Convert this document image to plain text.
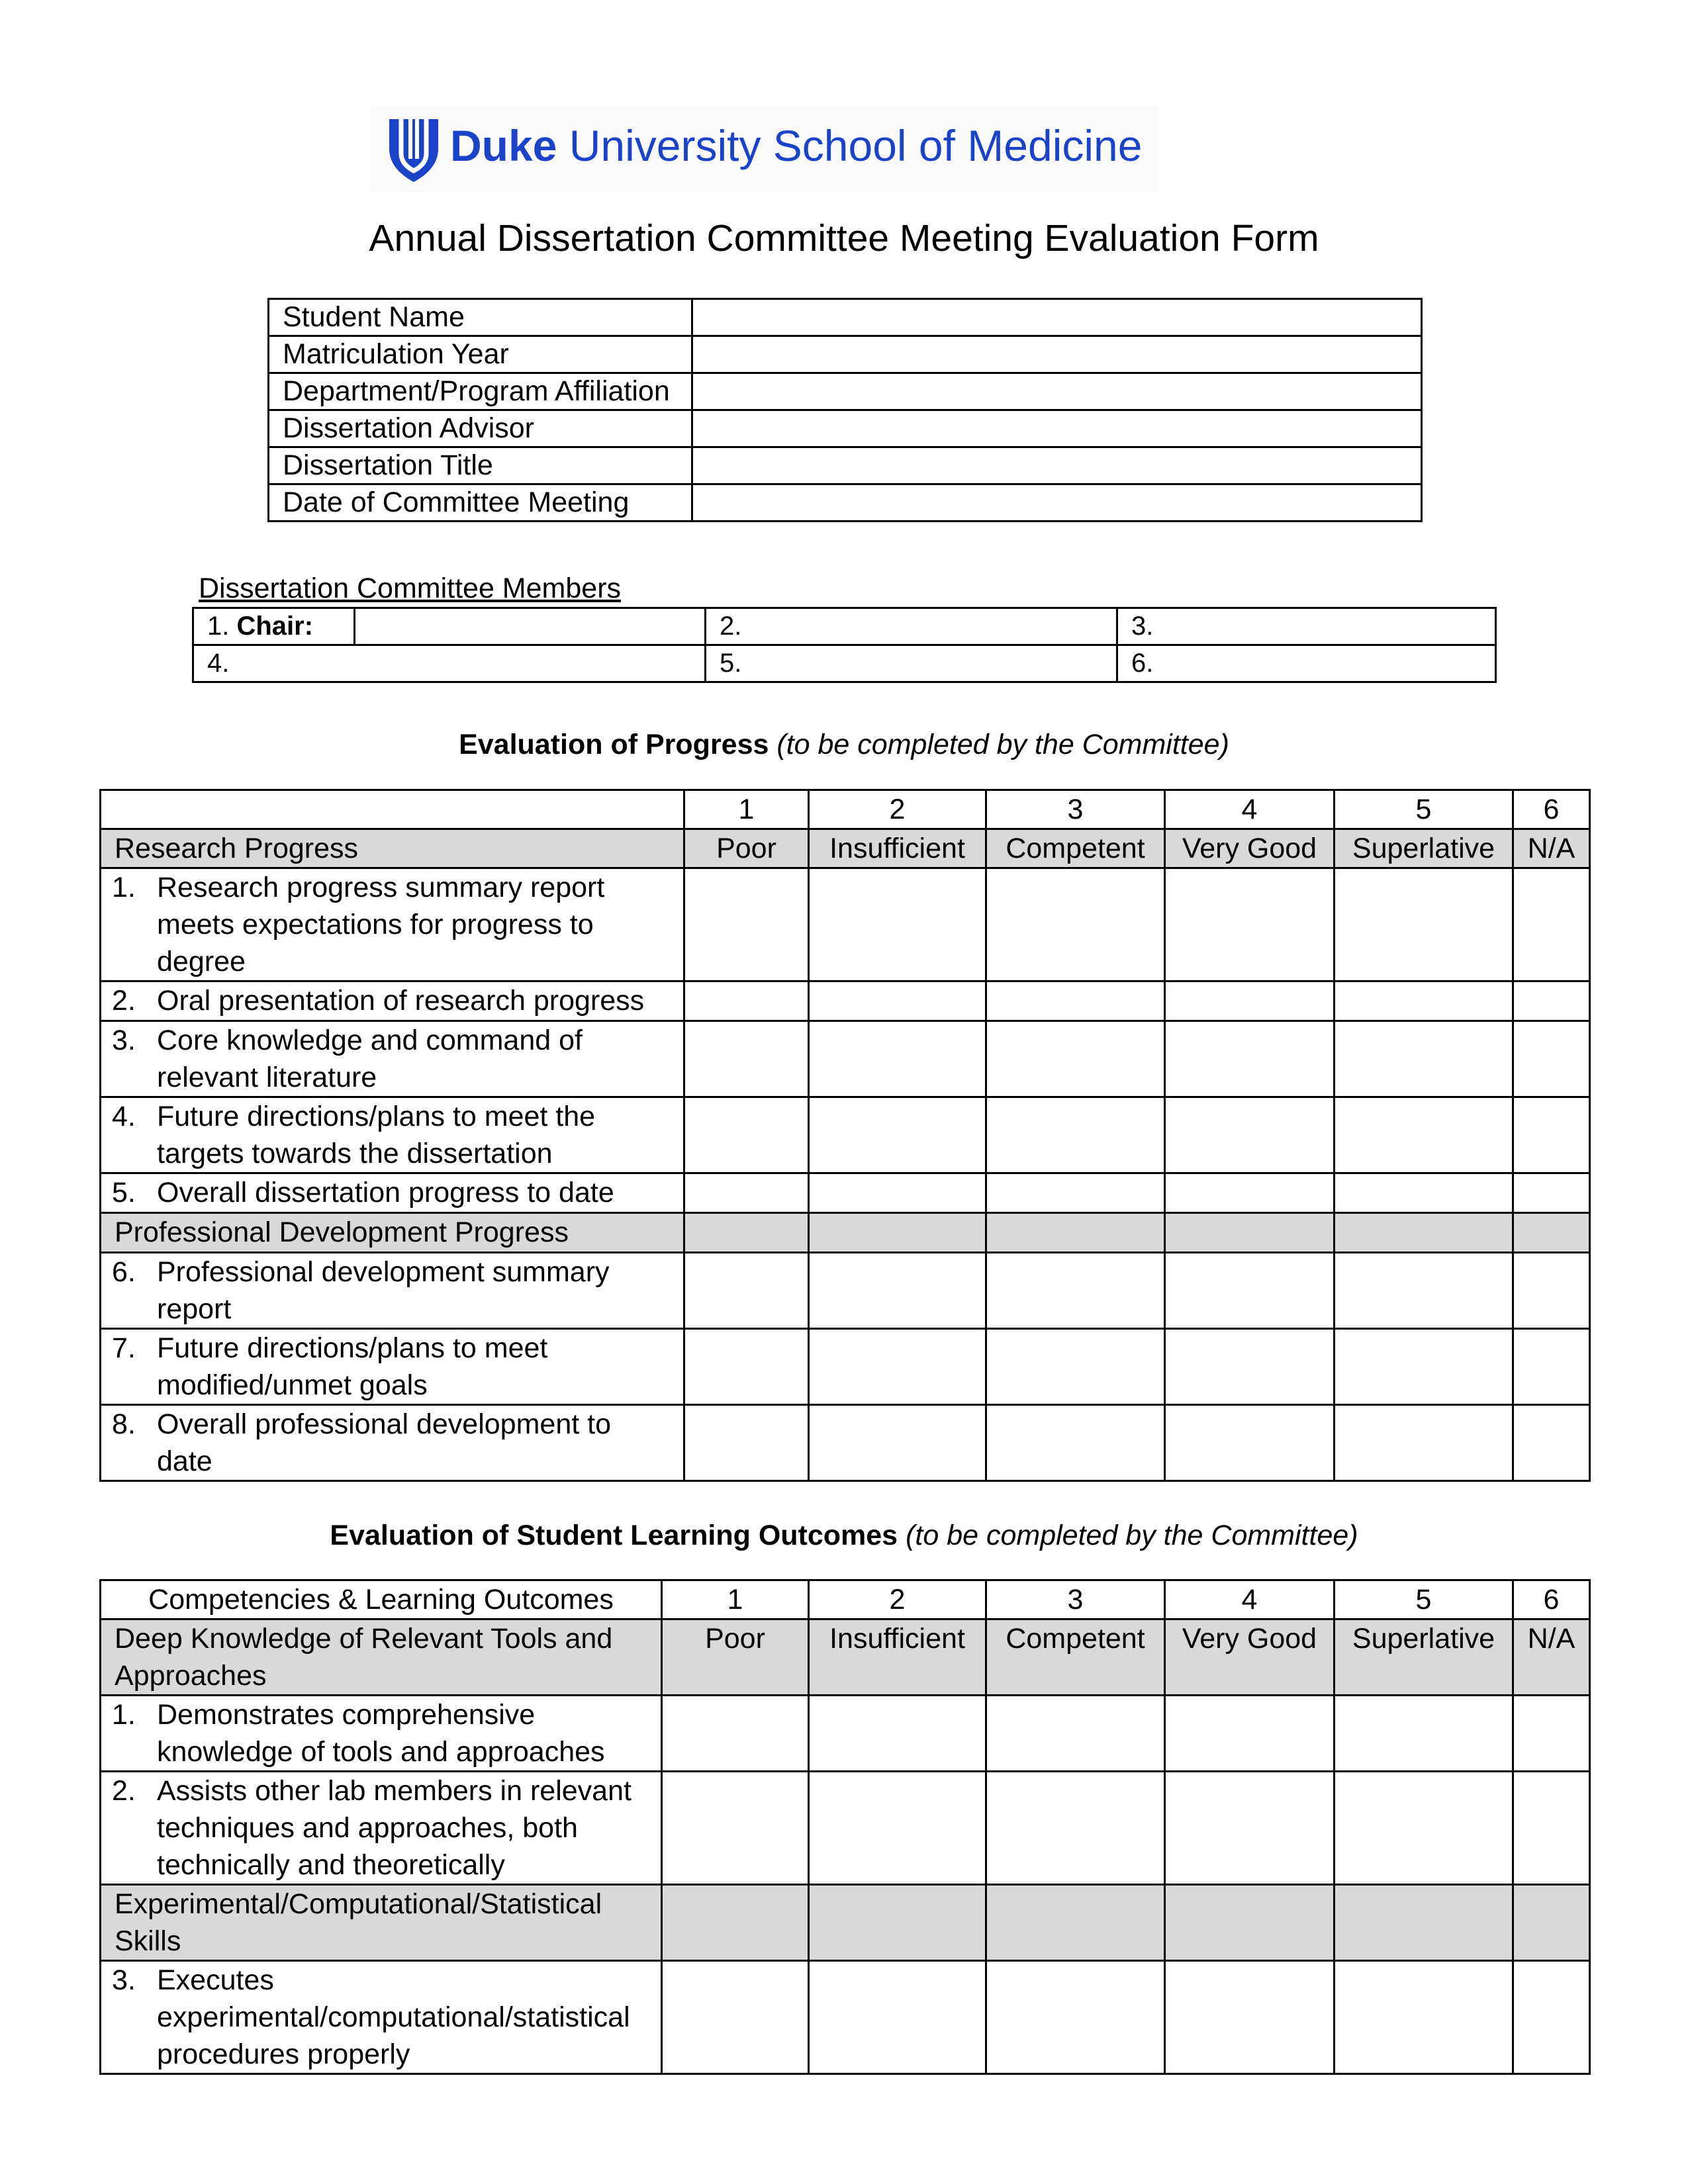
Duke University School of Medicine
Annual Dissertation Committee Meeting Evaluation Form
Student Name	
Matriculation Year	
Department/Program Affiliation	
Dissertation Advisor	
Dissertation Title	
Date of Committee Meeting	
Dissertation Committee Members
1. Chair:		2.	3.
4.		5.	6.
Evaluation of Progress (to be completed by the Committee)
	1	2	3	4	5	6
Research Progress	Poor	Insufficient	Competent	Very Good	Superlative	N/A
1. Research progress summary report meets expectations for progress to degree						
2. Oral presentation of research progress						
3. Core knowledge and command of relevant literature						
4. Future directions/plans to meet the targets towards the dissertation						
5. Overall dissertation progress to date						
Professional Development Progress						
6. Professional development summary report						
7. Future directions/plans to meet modified/unmet goals						
8. Overall professional development to date						
Evaluation of Student Learning Outcomes (to be completed by the Committee)
Competencies & Learning Outcomes	1	2	3	4	5	6
Deep Knowledge of Relevant Tools and Approaches	Poor	Insufficient	Competent	Very Good	Superlative	N/A
1. Demonstrates comprehensive knowledge of tools and approaches						
2. Assists other lab members in relevant techniques and approaches, both technically and theoretically						
Experimental/Computational/Statistical Skills						
3. Executes experimental/computational/statistical procedures properly						
